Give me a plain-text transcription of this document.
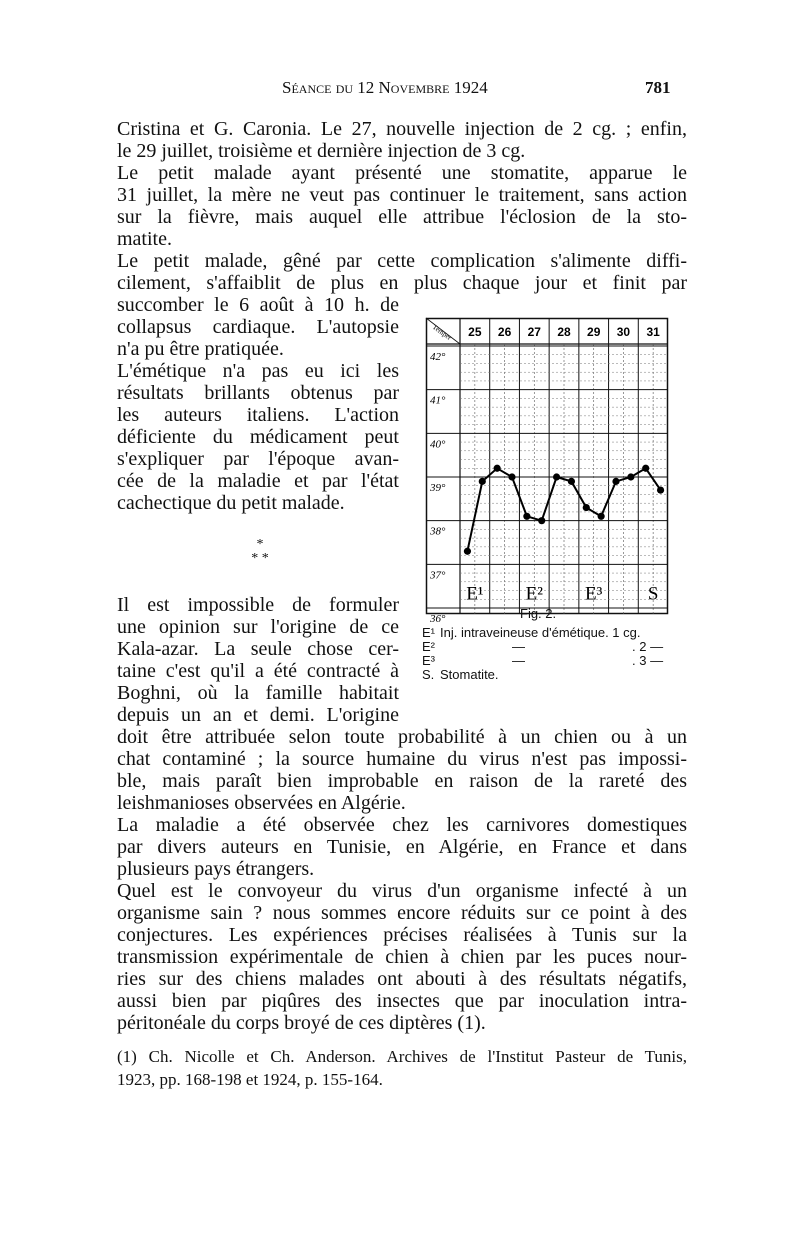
Séance du 12 Novembre 1924	781
Cristina et G. Caronia. Le 27, nouvelle injection de 2 cg. ; enfin,
le 29 juillet, troisième et dernière injection de 3 cg.
Le petit malade ayant présenté une stomatite, apparue le
31 juillet, la mère ne veut pas continuer le traitement, sans action
sur la fièvre, mais auquel elle attribue l'éclosion de la sto-
matite.
Le petit malade, gêné par cette complication s'alimente diffi-
cilement, s'affaiblit de plus en plus chaque jour et finit par
succomber le 6 août à 10 h. de
collapsus cardiaque. L'autopsie
n'a pu être pratiquée.
L'émétique n'a pas eu ici les
résultats brillants obtenus par
les auteurs italiens. L'action
déficiente du médicament peut
s'expliquer par l'époque avan-
cée de la maladie et par l'état
cachectique du petit malade.
*
* *
Il est impossible de formuler
une opinion sur l'origine de ce
Kala-azar. La seule chose cer-
taine c'est qu'il a été contracté à
Boghni, où la famille habitait
depuis un an et demi. L'origine
doit être attribuée selon toute probabilité à un chien ou à un
chat contaminé ; la source humaine du virus n'est pas impossi-
ble, mais paraît bien improbable en raison de la rareté des
leishmanioses observées en Algérie.
La maladie a été observée chez les carnivores domestiques
par divers auteurs en Tunisie, en Algérie, en France et dans
plusieurs pays étrangers.
Quel est le convoyeur du virus d'un organisme infecté à un
organisme sain ? nous sommes encore réduits sur ce point à des
conjectures. Les expériences précises réalisées à Tunis sur la
transmission expérimentale de chien à chien par les puces nour-
ries sur des chiens malades ont abouti à des résultats négatifs,
aussi bien par piqûres des insectes que par inoculation intra-
péritonéale du corps broyé de ces diptères (1).
Temper 25 26 27 28 29 30 31
42°
41°
40°
39°
38°
37°
36°
E¹ E² E³ S
Fig. 2.
E¹ Inj. intraveineuse d'émétique. 1 cg.
E²	—	. 2 —
E³	—	. 3 —
S. Stomatite.
(1) Ch. Nicolle et Ch. Anderson. Archives de l'Institut Pasteur de Tunis,
1923, pp. 168-198 et 1924, p. 155-164.
